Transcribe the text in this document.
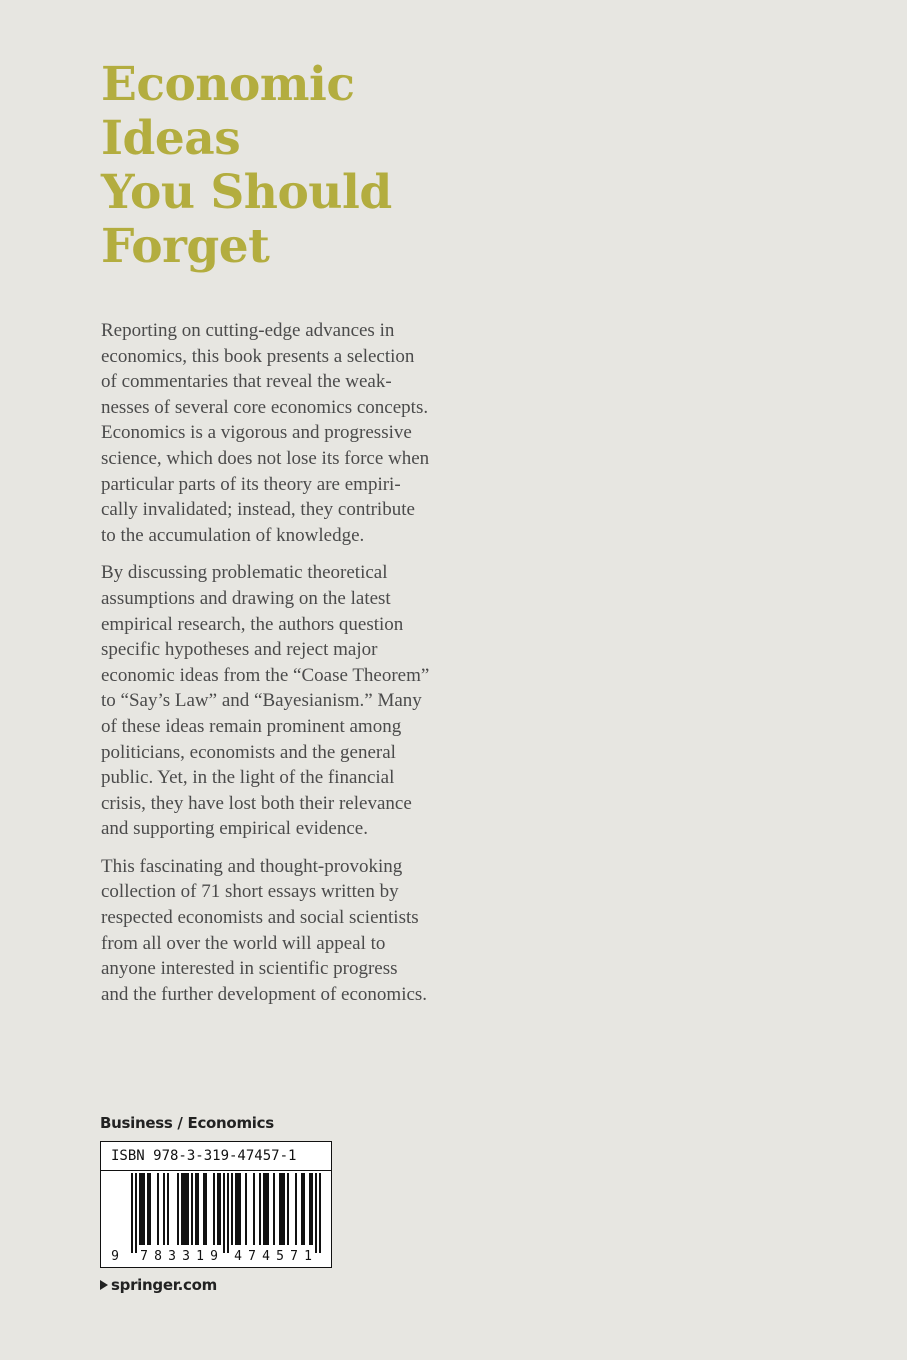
Economic
Ideas
You Should
Forget

Reporting on cutting-edge advances in
economics, this book presents a selection
of commentaries that reveal the weak-
nesses of several core economics concepts.
Economics is a vigorous and progressive
science, which does not lose its force when
particular parts of its theory are empiri-
cally invalidated; instead, they contribute
to the accumulation of knowledge.

By discussing problematic theoretical
assumptions and drawing on the latest
empirical research, the authors question
specific hypotheses and reject major
economic ideas from the “Coase Theorem”
to “Say’s Law” and “Bayesianism.” Many
of these ideas remain prominent among
politicians, economists and the general
public. Yet, in the light of the financial
crisis, they have lost both their relevance
and supporting empirical evidence.

This fascinating and thought-provoking
collection of 71 short essays written by
respected economists and social scientists
from all over the world will appeal to
anyone interested in scientific progress
and the further development of economics.

Business / Economics
ISBN 978-3-319-47457-1
9 7 8 3 3 1 9 4 7 4 5 7 1
springer.com
